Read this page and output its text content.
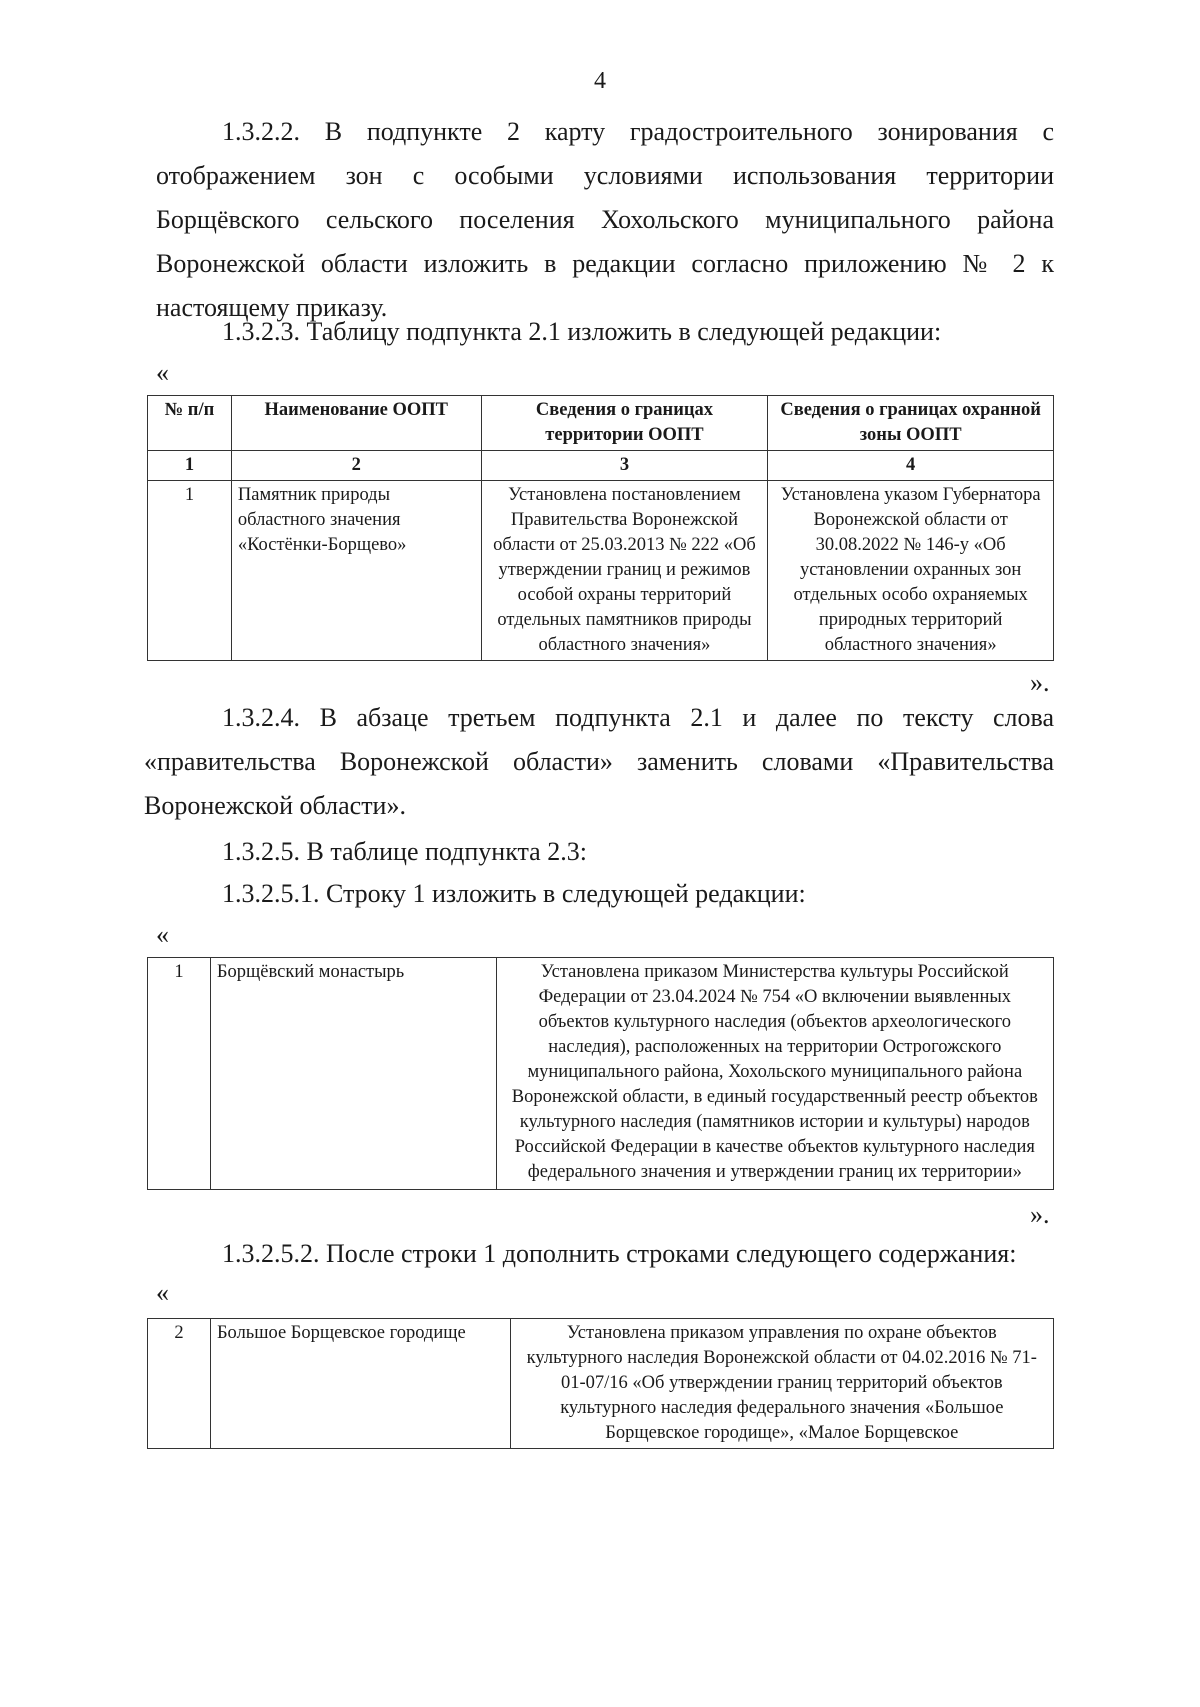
4
1.3.2.2. В подпункте 2 карту градостроительного зонирования с отображением зон с особыми условиями использования территории Борщёвского сельского поселения Хохольского муниципального района Воронежской области изложить в редакции согласно приложению № 2 к настоящему приказу.
1.3.2.3. Таблицу подпункта 2.1 изложить в следующей редакции:
«
№ п/п	Наименование ООПТ	Сведения о границах территории ООПТ	Сведения о границах охранной зоны ООПТ
1	2	3	4
1	Памятник природы областного значения «Костёнки-Борщево»	Установлена постановлением Правительства Воронежской области от 25.03.2013 № 222 «Об утверждении границ и режимов особой охраны территорий отдельных памятников природы областного значения»	Установлена указом Губернатора Воронежской области от 30.08.2022 № 146-у «Об установлении охранных зон отдельных особо охраняемых природных территорий областного значения»
».
1.3.2.4. В абзаце третьем подпункта 2.1 и далее по тексту слова «правительства Воронежской области» заменить словами «Правительства Воронежской области».
1.3.2.5. В таблице подпункта 2.3:
1.3.2.5.1. Строку 1 изложить в следующей редакции:
«
1	Борщёвский монастырь	Установлена приказом Министерства культуры Российской Федерации от 23.04.2024 № 754 «О включении выявленных объектов культурного наследия (объектов археологического наследия), расположенных на территории Острогожского муниципального района, Хохольского муниципального района Воронежской области, в единый государственный реестр объектов культурного наследия (памятников истории и культуры) народов Российской Федерации в качестве объектов культурного наследия федерального значения и утверждении границ их территории»
».
1.3.2.5.2. После строки 1 дополнить строками следующего содержания:
«
2	Большое Борщевское городище	Установлена приказом управления по охране объектов культурного наследия Воронежской области от 04.02.2016 № 71-01-07/16 «Об утверждении границ территорий объектов культурного наследия федерального значения «Большое Борщевское городище», «Малое Борщевское
